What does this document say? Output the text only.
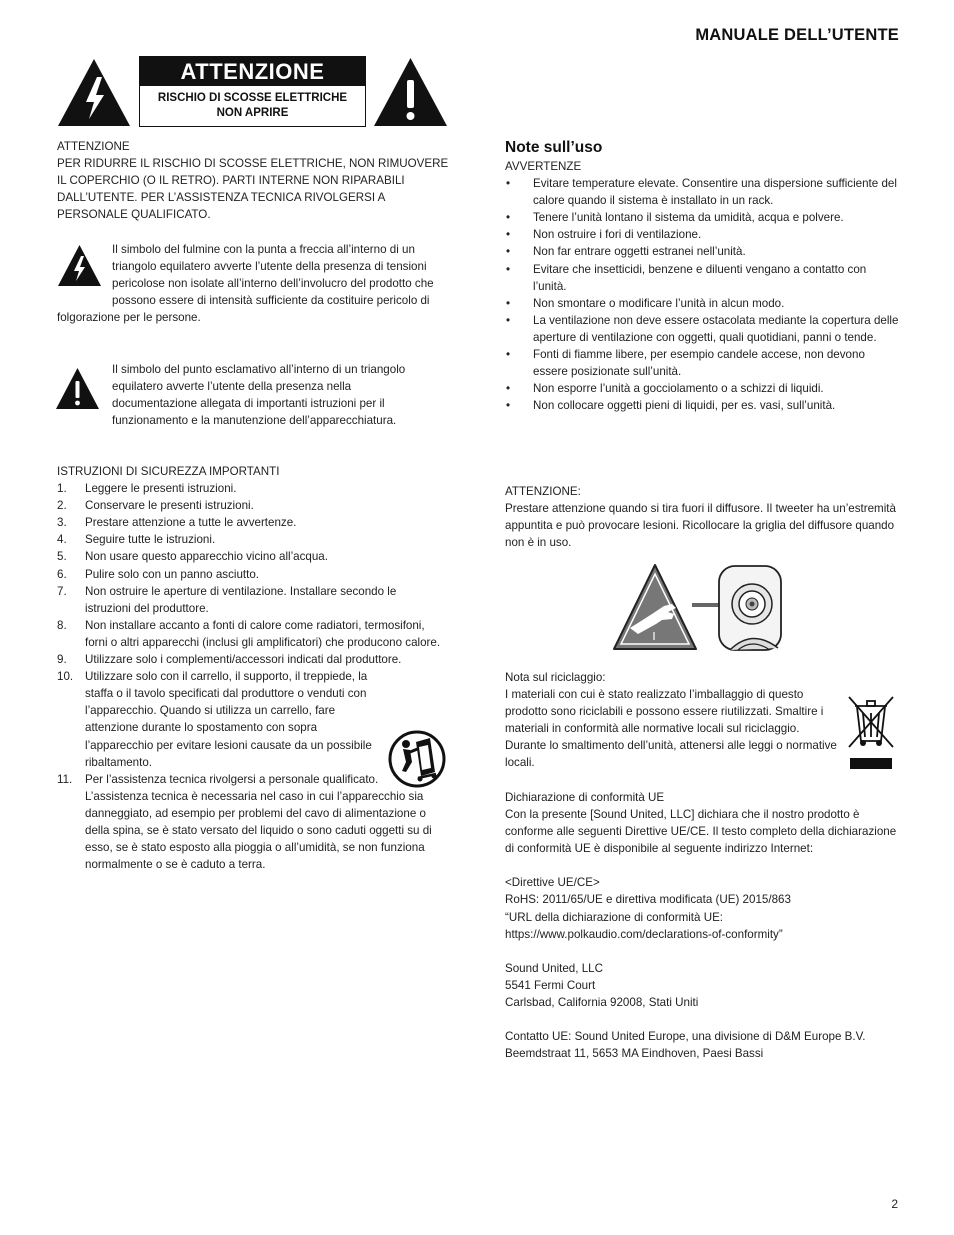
MANUALE DELL’UTENTE
ATTENZIONE
RISCHIO DI SCOSSE ELETTRICHE
NON APRIRE
ATTENZIONE
PER RIDURRE IL RISCHIO DI SCOSSE ELETTRICHE, NON RIMUOVERE IL COPERCHIO (O IL RETRO). PARTI INTERNE NON RIPARABILI DALL’UTENTE. PER L’ASSISTENZA TECNICA RIVOLGERSI A PERSONALE QUALIFICATO.
Il simbolo del fulmine con la punta a freccia all’interno di un triangolo equilatero avverte l’utente della presenza di tensioni pericolose non isolate all’interno dell’involucro del prodotto che possono essere di intensità sufficiente da costituire pericolo di folgorazione per le persone.
Il simbolo del punto esclamativo all’interno di un triangolo equilatero avverte l’utente della presenza nella documentazione allegata di importanti istruzioni per il funzionamento e la manutenzione dell’apparecchiatura.
ISTRUZIONI DI SICUREZZA IMPORTANTI
1. Leggere le presenti istruzioni.
2. Conservare le presenti istruzioni.
3. Prestare attenzione a tutte le avvertenze.
4. Seguire tutte le istruzioni.
5. Non usare questo apparecchio vicino all’acqua.
6. Pulire solo con un panno asciutto.
7. Non ostruire le aperture di ventilazione. Installare secondo le istruzioni del produttore.
8. Non installare accanto a fonti di calore come radiatori, termosifoni, forni o altri apparecchi (inclusi gli amplificatori) che producono calore.
9. Utilizzare solo i complementi/accessori indicati dal produttore.
10. Utilizzare solo con il carrello, il supporto, il treppiede, la staffa o il tavolo specificati dal produttore o venduti con l’apparecchio. Quando si utilizza un carrello, fare attenzione durante lo spostamento con sopra l’apparecchio per evitare lesioni causate da un possibile ribaltamento.
11. Per l’assistenza tecnica rivolgersi a personale qualificato. L’assistenza tecnica è necessaria nel caso in cui l’apparecchio sia danneggiato, ad esempio per problemi del cavo di alimentazione o della spina, se è stato versato del liquido o sono caduti oggetti su di esso, se è stato esposto alla pioggia o all’umidità, se non funziona normalmente o se è caduto a terra.
Note sull’uso
AVVERTENZE
• Evitare temperature elevate. Consentire una dispersione sufficiente del calore quando il sistema è installato in un rack.
• Tenere l’unità lontano il sistema da umidità, acqua e polvere.
• Non ostruire i fori di ventilazione.
• Non far entrare oggetti estranei nell’unità.
• Evitare che insetticidi, benzene e diluenti vengano a contatto con l’unità.
• Non smontare o modificare l’unità in alcun modo.
• La ventilazione non deve essere ostacolata mediante la copertura delle aperture di ventilazione con oggetti, quali quotidiani, panni o tende.
• Fonti di fiamme libere, per esempio candele accese, non devono essere posizionate sull’unità.
• Non esporre l’unità a gocciolamento o a schizzi di liquidi.
• Non collocare oggetti pieni di liquidi, per es. vasi, sull’unità.
ATTENZIONE:
Prestare attenzione quando si tira fuori il diffusore. Il tweeter ha un’estremità appuntita e può provocare lesioni. Ricollocare la griglia del diffusore quando non è in uso.
Nota sul riciclaggio:
I materiali con cui è stato realizzato l’imballaggio di questo prodotto sono riciclabili e possono essere riutilizzati. Smaltire i materiali in conformità alle normative locali sul riciclaggio. Durante lo smaltimento dell’unità, attenersi alle leggi o normative locali.
Dichiarazione di conformità UE
Con la presente [Sound United, LLC] dichiara che il nostro prodotto è conforme alle seguenti Direttive UE/CE. Il testo completo della dichiarazione di conformità UE è disponibile al seguente indirizzo Internet:
<Direttive UE/CE>
RoHS: 2011/65/UE e direttiva modificata (UE) 2015/863
“URL della dichiarazione di conformità UE:
https://www.polkaudio.com/declarations-of-conformity”
Sound United, LLC
5541 Fermi Court
Carlsbad, California 92008, Stati Uniti
Contatto UE: Sound United Europe, una divisione di D&M Europe B.V. Beemdstraat 11, 5653 MA Eindhoven, Paesi Bassi
2
